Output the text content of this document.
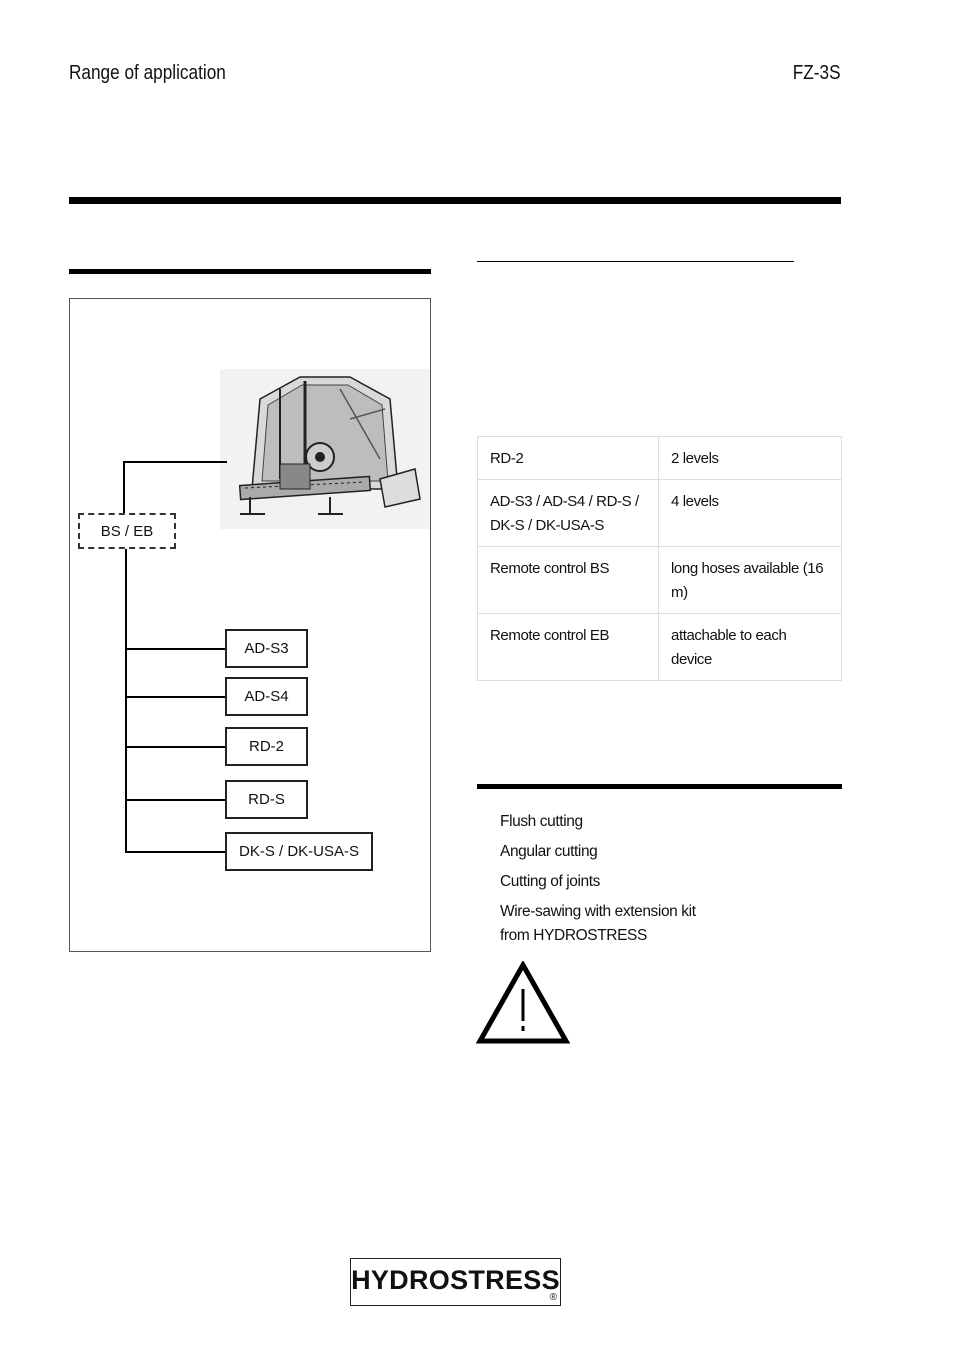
Range of application	FZ-3S
BS / EB
AD-S3
AD-S4
RD-2
RD-S
DK-S / DK-USA-S
RD-2	2 levels
AD-S3 / AD-S4 / RD-S / DK-S / DK-USA-S	4 levels
Remote control BS	long hoses available (16 m)
Remote control EB	attachable to each device
Flush cutting
Angular cutting
Cutting of joints
Wire-sawing with extension kit from HYDROSTRESS
HYDROSTRESS
®
